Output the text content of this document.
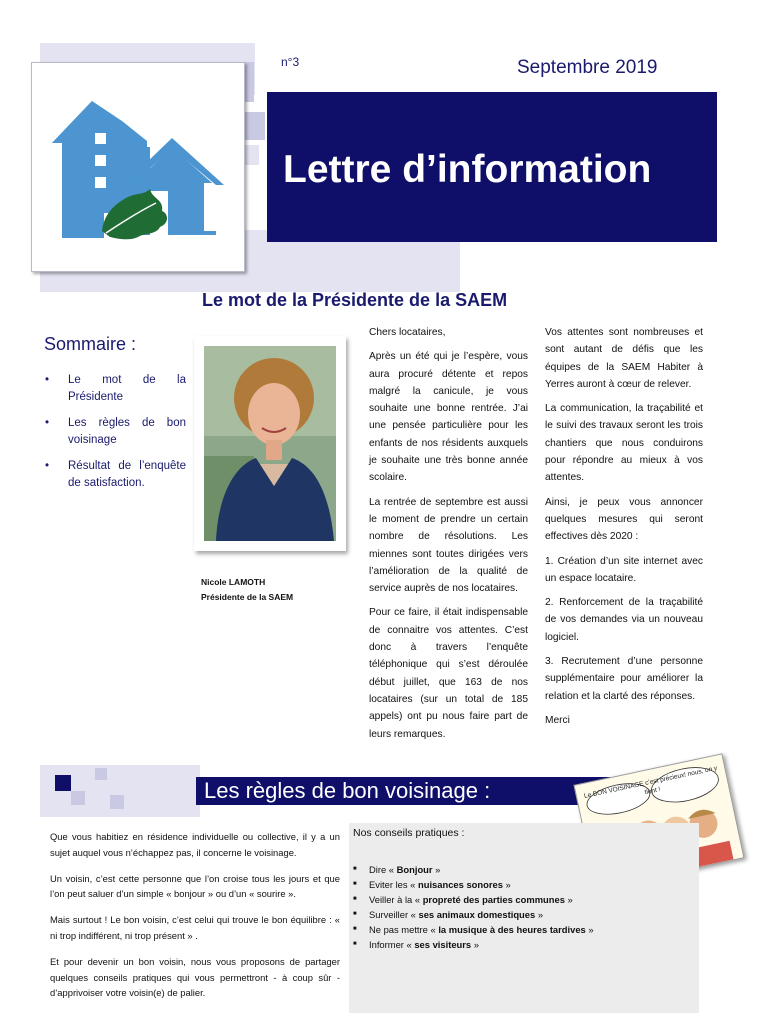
n°3	Septembre 2019
Lettre d’information
Le mot de la Présidente de la SAEM
Sommaire :
• Le mot de la Présidente
• Les règles de bon voisinage
• Résultat de l’enquête de satisfaction.
Nicole LAMOTH
Présidente de la SAEM

Chers locataires,

Après un été qui je l’espère, vous aura procuré détente et repos malgré la canicule, je vous souhaite une bonne rentrée. J’ai une pensée particulière pour les enfants de nos résidents auxquels je souhaite une très bonne année scolaire.

La rentrée de septembre est aussi le moment de prendre un certain nombre de résolutions. Les miennes sont toutes dirigées vers l’amélioration de la qualité de service auprès de nos locataires.

Pour ce faire, il était indispensable de connaitre vos attentes. C’est donc à travers l’enquête téléphonique qui s’est déroulée début juillet, que 163 de nos locataires (sur un total de 185 appels) ont pu nous faire part de leurs remarques.

Vos attentes sont nombreuses et sont autant de défis que les équipes de la SAEM Habiter à Yerres auront à cœur de relever.

La communication, la traçabilité et le suivi des travaux seront les trois chantiers que nous conduirons pour répondre au mieux à vos attentes.

Ainsi, je peux vous annoncer quelques mesures qui seront effectives dès 2020 :

1. Création d’un site internet avec un espace locataire.

2. Renforcement de la traçabilité de vos demandes via un nouveau logiciel.

3. Recrutement d’une personne supplémentaire pour améliorer la relation et la clarté des réponses.

Merci

Les règles de bon voisinage :	Le BON VOISINAGE c’est précieux! nous, on y tient !

Que vous habitiez en résidence individuelle ou collective, il y a un sujet auquel vous n’échappez pas, il concerne le voisinage.

Un voisin, c’est cette personne que l’on croise tous les jours et que l’on peut saluer d’un simple « bonjour » ou d’un « sourire ».

Mais surtout ! Le bon voisin, c’est celui qui trouve le bon équilibre : « ni trop indifférent, ni trop présent » .

Et pour devenir un bon voisin, nous vous proposons de partager quelques conseils pratiques qui vous permettront - à coup sûr - d’apprivoiser votre voisin(e) de palier.

Nos conseils pratiques :
■ Dire « Bonjour »
■ Eviter les « nuisances sonores »
■ Veiller à la « propreté des parties communes »
■ Surveiller « ses animaux domestiques »
■ Ne pas mettre « la musique à des heures tardives »
■ Informer « ses visiteurs »
